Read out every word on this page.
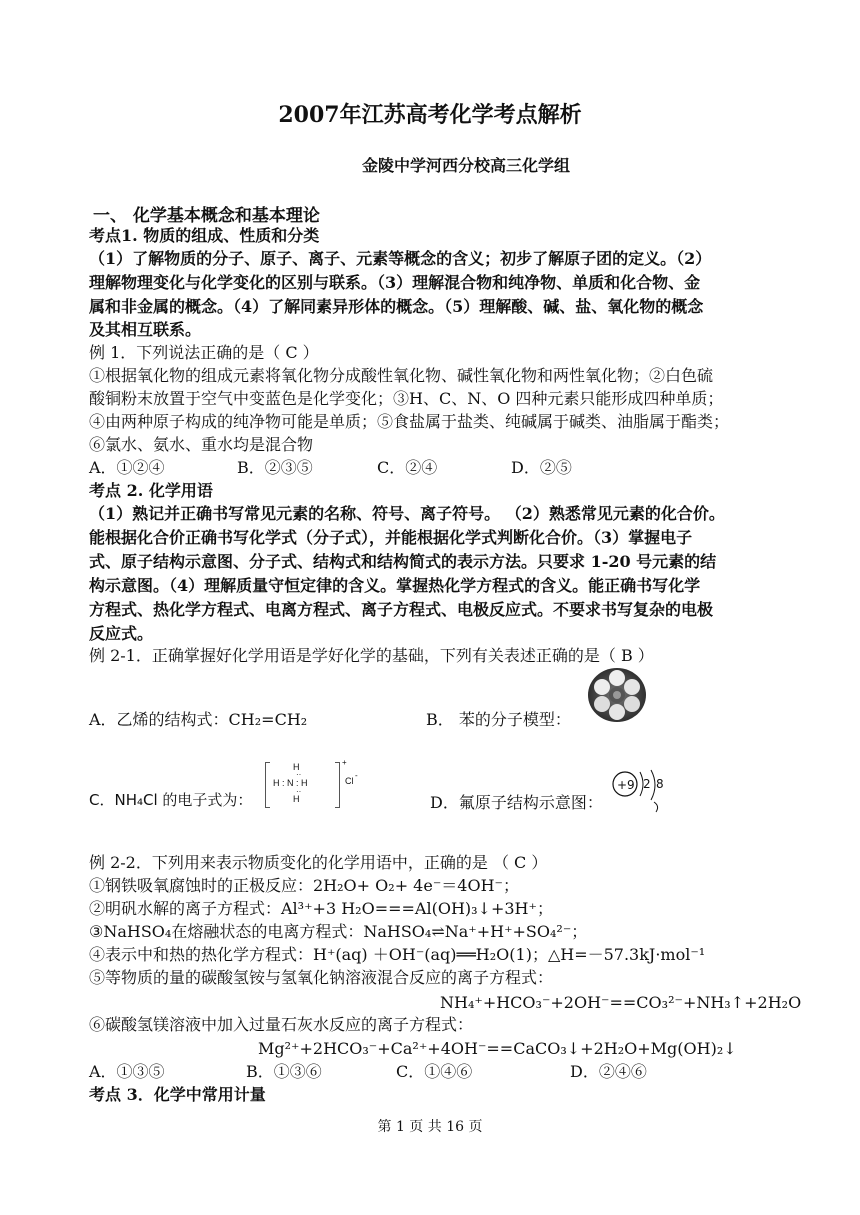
2007年江苏高考化学考点解析
金陵中学河西分校高三化学组
一、 化学基本概念和基本理论
考点1. 物质的组成、性质和分类
（1）了解物质的分子、原子、离子、元素等概念的含义；初步了解原子团的定义。（2）
理解物理变化与化学变化的区别与联系。（3）理解混合物和纯净物、单质和化合物、金
属和非金属的概念。（4）了解同素异形体的概念。（5）理解酸、碱、盐、氧化物的概念
及其相互联系。
例 1．下列说法正确的是（ C ）
①根据氧化物的组成元素将氧化物分成酸性氧化物、碱性氧化物和两性氧化物；②白色硫
酸铜粉末放置于空气中变蓝色是化学变化；③H、C、N、O 四种元素只能形成四种单质；
④由两种原子构成的纯净物可能是单质；⑤食盐属于盐类、纯碱属于碱类、油脂属于酯类；
⑥氯水、氨水、重水均是混合物
A．①②④	B．②③⑤	C．②④	D．②⑤
考点 2. 化学用语
（1）熟记并正确书写常见元素的名称、符号、离子符号。 （2）熟悉常见元素的化合价。
能根据化合价正确书写化学式（分子式），并能根据化学式判断化合价。（3）掌握电子
式、原子结构示意图、分子式、结构式和结构简式的表示方法。只要求 1-20 号元素的结
构示意图。（4）理解质量守恒定律的含义。掌握热化学方程式的含义。能正确书写化学
方程式、热化学方程式、电离方程式、离子方程式、电极反应式。不要求书写复杂的电极
反应式。
例 2-1．正确掌握好化学用语是学好化学的基础，下列有关表述正确的是（ B ）
A．乙烯的结构式：CH₂=CH₂	B． 苯的分子模型：
C．NH₄Cl 的电子式为：
H
··
H : N : H
··
H
+
Cl
-
D．氟原子结构示意图：
+9 2 8
例 2-2．下列用来表示物质变化的化学用语中，正确的是 （ C ）
①钢铁吸氧腐蚀时的正极反应：2H₂O+ O₂+ 4e⁻＝4OH⁻；
②明矾水解的离子方程式：Al³⁺+3 H₂O===Al(OH)₃↓+3H⁺；
③NaHSO₄在熔融状态的电离方程式：NaHSO₄⇌Na⁺+H⁺+SO₄²⁻；
④表示中和热的热化学方程式：H⁺(aq) ＋OH⁻(aq)══H₂O(1)；△H=－57.3kJ·mol⁻¹
⑤等物质的量的碳酸氢铵与氢氧化钠溶液混合反应的离子方程式：
NH₄⁺+HCO₃⁻+2OH⁻==CO₃²⁻+NH₃↑+2H₂O
⑥碳酸氢镁溶液中加入过量石灰水反应的离子方程式：
Mg²⁺+2HCO₃⁻+Ca²⁺+4OH⁻==CaCO₃↓+2H₂O+Mg(OH)₂↓
A．①③⑤	B．①③⑥	C．①④⑥	D．②④⑥
考点 3．化学中常用计量
第 1 页 共 16 页
